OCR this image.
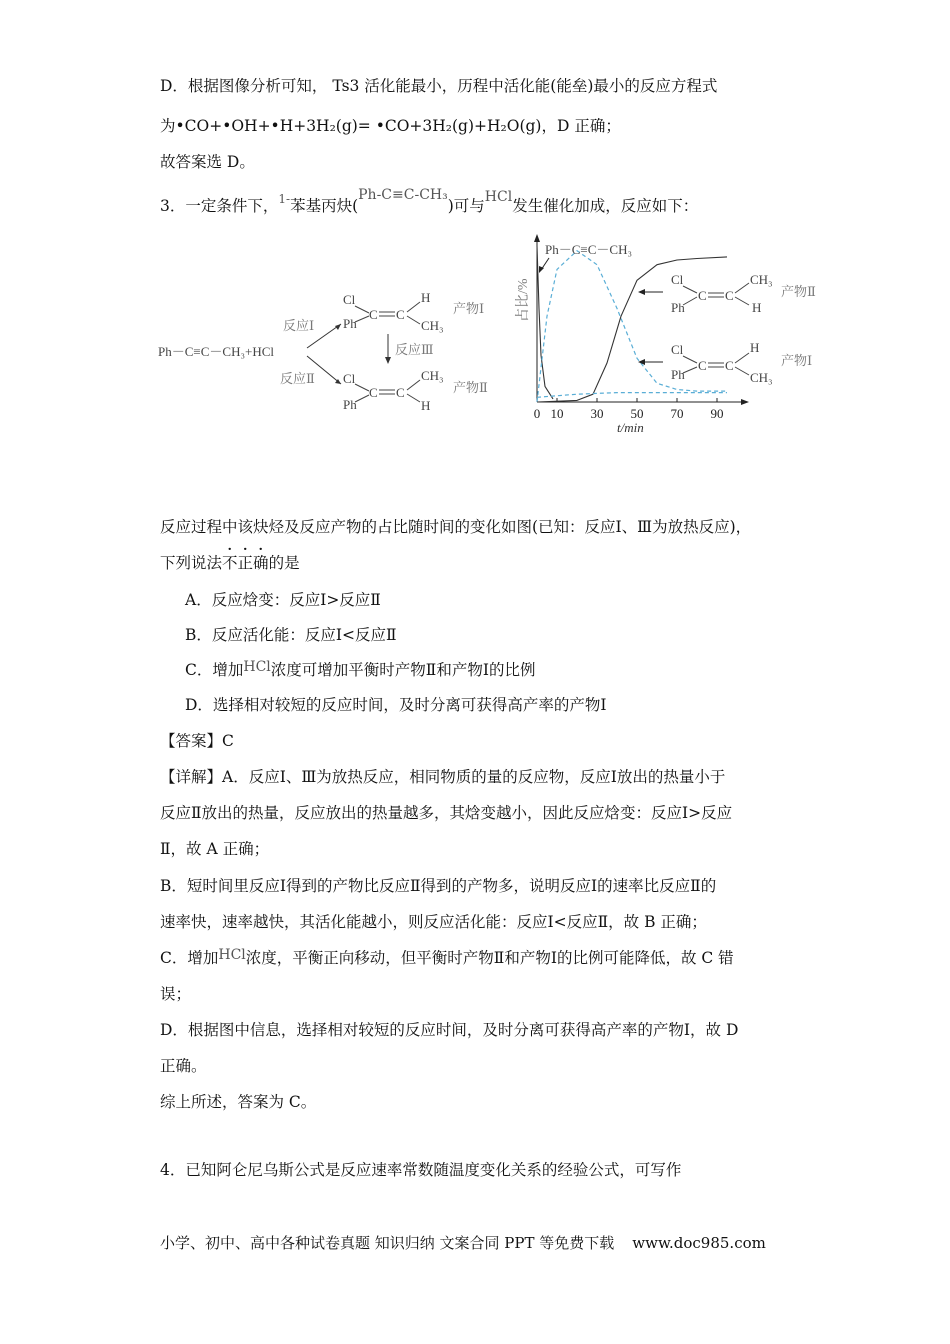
D．根据图像分析可知， Ts3 活化能最小，历程中活化能(能垒)最小的反应方程式
为•CO+•OH+•H+3H₂(g)= •CO+3H₂(g)+H₂O(g)，D 正确；
故答案选 D。
3．一定条件下，$^{1-}$苯基丙炔(Ph-C≡C-CH₃)可与HCl发生催化加成，反应如下：
Ph－C≡C－CH₃+HCl
反应Ⅰ
反应Ⅱ
Cl
Ph
C C
H
CH₃
产物Ⅰ
反应Ⅲ
Cl
Ph
C C
CH₃
H
产物Ⅱ
0 10 30 50 70 90
占比/%
t/min
Ph－C≡C－CH₃
Cl
Ph
C C
CH₃
H
产物Ⅱ
Cl
Ph
C C
H
CH₃
产物Ⅰ
反应过程中该炔烃及反应产物的占比随时间的变化如图(已知：反应Ⅰ、Ⅲ为放热反应)，
下列说法不正确的是
A．反应焓变：反应Ⅰ>反应Ⅱ
B．反应活化能：反应Ⅰ<反应Ⅱ
C．增加HCl浓度可增加平衡时产物Ⅱ和产物Ⅰ的比例
D．选择相对较短的反应时间，及时分离可获得高产率的产物Ⅰ
【答案】C
【详解】A．反应Ⅰ、Ⅲ为放热反应，相同物质的量的反应物，反应Ⅰ放出的热量小于
反应Ⅱ放出的热量，反应放出的热量越多，其焓变越小，因此反应焓变：反应Ⅰ>反应
Ⅱ，故 A 正确；
B．短时间里反应Ⅰ得到的产物比反应Ⅱ得到的产物多，说明反应Ⅰ的速率比反应Ⅱ的
速率快，速率越快，其活化能越小，则反应活化能：反应Ⅰ<反应Ⅱ，故 B 正确；
C．增加HCl浓度，平衡正向移动，但平衡时产物Ⅱ和产物Ⅰ的比例可能降低，故 C 错
误；
D．根据图中信息，选择相对较短的反应时间，及时分离可获得高产率的产物Ⅰ，故 D
正确。
综上所述，答案为 C。
4．已知阿仑尼乌斯公式是反应速率常数随温度变化关系的经验公式，可写作
小学、初中、高中各种试卷真题 知识归纳 文案合同 PPT 等免费下载 www.doc985.com
